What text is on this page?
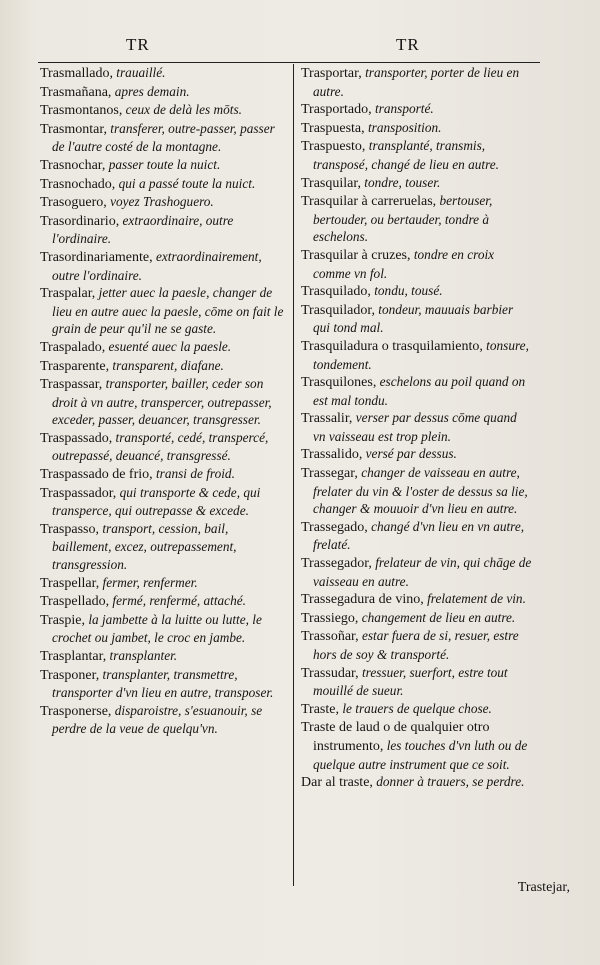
TR	TR

Trasmallado, trauaillé.

Trasmañana, apres demain.

Trasmontanos, ceux de delà les mōts.

Trasmontar, transferer, outre-passer, passer de l'autre costé de la montagne.

Trasnochar, passer toute la nuict.

Trasnochado, qui a passé toute la nuict.

Trasoguero, voyez Trashoguero.

Trasordinario, extraordinaire, outre l'ordinaire.

Trasordinariamente, extraordinairement, outre l'ordinaire.

Traspalar, jetter auec la paesle, changer de lieu en autre auec la paesle, cōme on fait le grain de peur qu'il ne se gaste.

Traspalado, esuenté auec la paesle.

Trasparente, transparent, diafane.

Traspassar, transporter, bailler, ceder son droit à vn autre, transpercer, outrepasser, exceder, passer, deuancer, transgresser.

Traspassado, transporté, cedé, transpercé, outrepassé, deuancé, transgressé.

Traspassado de frio, transi de froid.

Traspassador, qui transporte & cede, qui transperce, qui outrepasse & excede.

Traspasso, transport, cession, bail, baillement, excez, outrepassement, transgression.

Traspellar, fermer, renfermer.

Traspellado, fermé, renfermé, attaché.

Traspie, la jambette à la luitte ou lutte, le crochet ou jambet, le croc en jambe.

Trasplantar, transplanter.

Trasponer, transplanter, transmettre, transporter d'vn lieu en autre, transposer.

Trasponerse, disparoistre, s'esuanouir, se perdre de la veue de quelqu'vn.

Trasportar, transporter, porter de lieu en autre.

Trasportado, transporté.

Traspuesta, transposition.

Traspuesto, transplanté, transmis, transposé, changé de lieu en autre.

Trasquilar, tondre, touser.

Trasquilar à carreruelas, bertouser, bertouder, ou bertauder, tondre à eschelons.

Trasquilar à cruzes, tondre en croix comme vn fol.

Trasquilado, tondu, tousé.

Trasquilador, tondeur, mauuais barbier qui tond mal.

Trasquiladura o trasquilamiento, tonsure, tondement.

Trasquilones, eschelons au poil quand on est mal tondu.

Trassalir, verser par dessus cōme quand vn vaisseau est trop plein.

Trassalido, versé par dessus.

Trassegar, changer de vaisseau en autre, frelater du vin & l'oster de dessus sa lie, changer & mouuoir d'vn lieu en autre.

Trassegado, changé d'vn lieu en vn autre, frelaté.

Trassegador, frelateur de vin, qui chāge de vaisseau en autre.

Trassegadura de vino, frelatement de vin.

Trassiego, changement de lieu en autre.

Trassoñar, estar fuera de si, resuer, estre hors de soy & transporté.

Trassudar, tressuer, suerfort, estre tout mouillé de sueur.

Traste, le trauers de quelque chose.

Traste de laud o de qualquier otro instrumento, les touches d'vn luth ou de quelque autre instrument que ce soit.

Dar al traste, donner à trauers, se perdre.

Trastejar,
